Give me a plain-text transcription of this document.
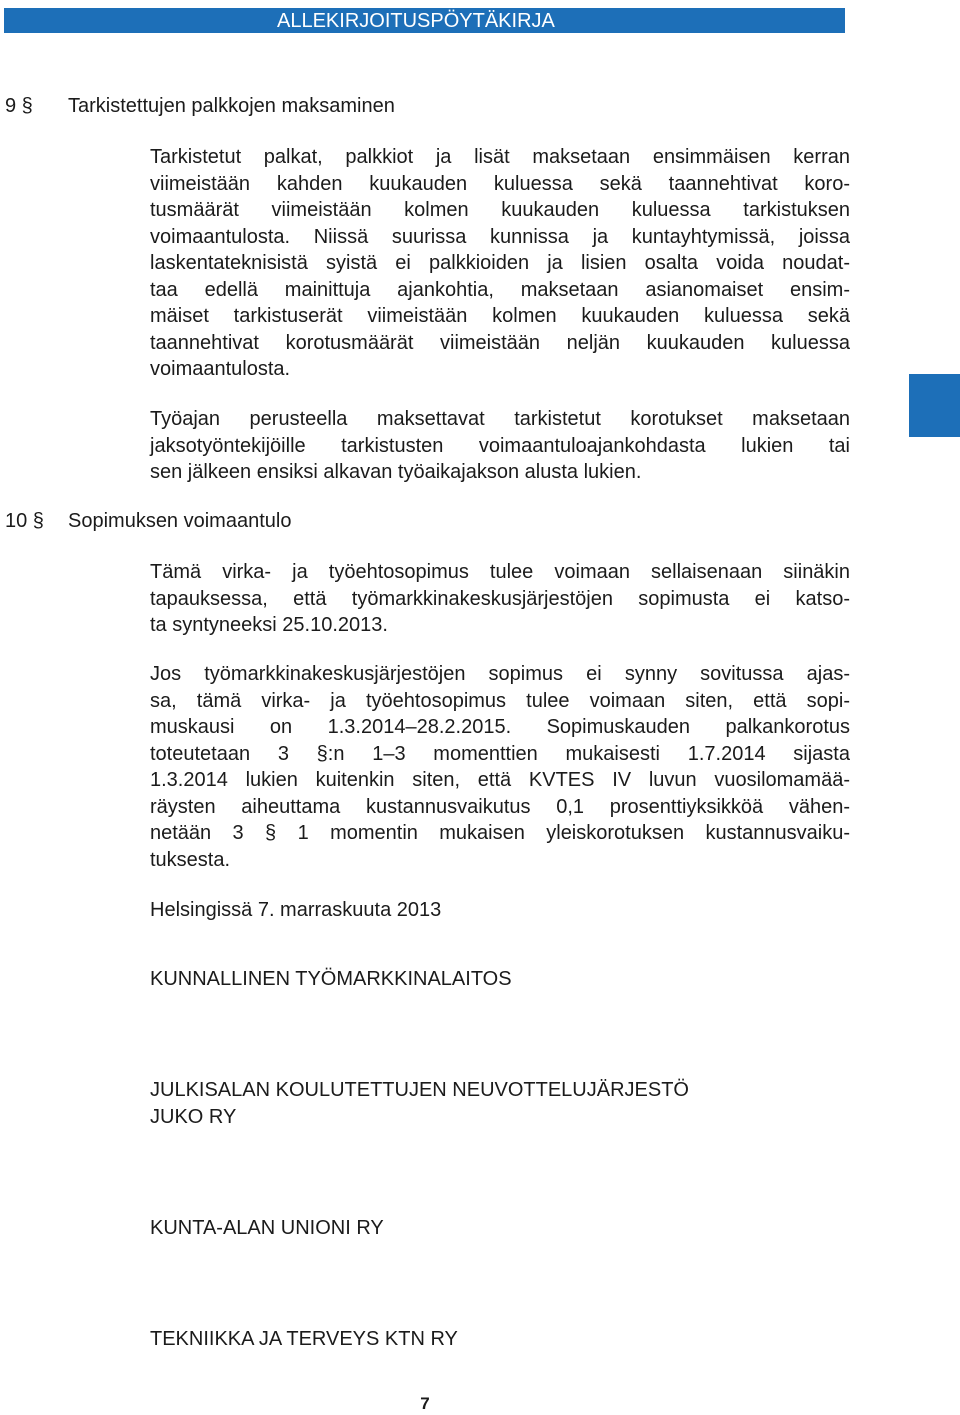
ALLEKIRJOITUSPÖYTÄKIRJA
9 § Tarkistettujen palkkojen maksaminen
Tarkistetut palkat, palkkiot ja lisät maksetaan ensimmäisen kerran
viimeistään kahden kuukauden kuluessa sekä taannehtivat koro-
tusmäärät viimeistään kolmen kuukauden kuluessa tarkistuksen
voimaantulosta. Niissä suurissa kunnissa ja kuntayhtymissä, joissa
laskentateknisistä syistä ei palkkioiden ja lisien osalta voida noudat-
taa edellä mainittuja ajankohtia, maksetaan asianomaiset ensim-
mäiset tarkistuserät viimeistään kolmen kuukauden kuluessa sekä
taannehtivat korotusmäärät viimeistään neljän kuukauden kuluessa
voimaantulosta.
Työajan perusteella maksettavat tarkistetut korotukset maksetaan
jaksotyöntekijöille tarkistusten voimaantuloajankohdasta lukien tai
sen jälkeen ensiksi alkavan työaikajakson alusta lukien.
10 § Sopimuksen voimaantulo
Tämä virka- ja työehtosopimus tulee voimaan sellaisenaan siinäkin
tapauksessa, että työmarkkinakeskusjärjestöjen sopimusta ei katso-
ta syntyneeksi 25.10.2013.
Jos työmarkkinakeskusjärjestöjen sopimus ei synny sovitussa ajas-
sa, tämä virka- ja työehtosopimus tulee voimaan siten, että sopi-
muskausi on 1.3.2014–28.2.2015. Sopimuskauden palkankorotus
toteutetaan 3 §:n 1–3 momenttien mukaisesti 1.7.2014 sijasta
1.3.2014 lukien kuitenkin siten, että KVTES IV luvun vuosilomamää-
räysten aiheuttama kustannusvaikutus 0,1 prosenttiyksikköä vähen-
netään 3 § 1 momentin mukaisen yleiskorotuksen kustannusvaiku-
tuksesta.

Helsingissä 7. marraskuuta 2013

KUNNALLINEN TYÖMARKKINALAITOS

JULKISALAN KOULUTETTUJEN NEUVOTTELUJÄRJESTÖ

JUKO RY

KUNTA-ALAN UNIONI RY

TEKNIIKKA JA TERVEYS KTN RY

7
